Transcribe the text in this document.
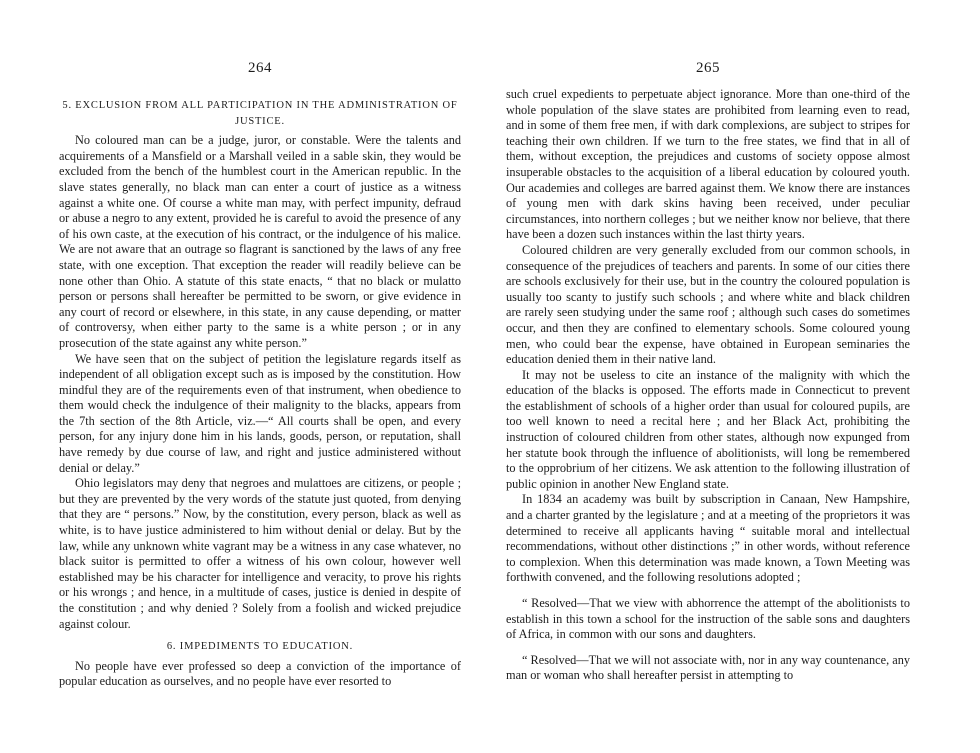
264

5. EXCLUSION FROM ALL PARTICIPATION IN THE ADMINISTRATION OF JUSTICE.

No coloured man can be a judge, juror, or constable. Were the talents and acquirements of a Mansfield or a Marshall veiled in a sable skin, they would be excluded from the bench of the humblest court in the American republic. In the slave states generally, no black man can enter a court of justice as a witness against a white one. Of course a white man may, with perfect impunity, defraud or abuse a negro to any extent, provided he is careful to avoid the presence of any of his own caste, at the execution of his contract, or the indulgence of his malice. We are not aware that an outrage so flagrant is sanctioned by the laws of any free state, with one exception. That exception the reader will readily believe can be none other than Ohio. A statute of this state enacts, “ that no black or mulatto person or persons shall hereafter be permitted to be sworn, or give evidence in any court of record or elsewhere, in this state, in any cause depending, or matter of controversy, when either party to the same is a white person ; or in any prosecution of the state against any white person.”

We have seen that on the subject of petition the legislature regards itself as independent of all obligation except such as is imposed by the constitution. How mindful they are of the requirements even of that instrument, when obedience to them would check the indulgence of their malignity to the blacks, appears from the 7th section of the 8th Article, viz.—“ All courts shall be open, and every person, for any injury done him in his lands, goods, person, or reputation, shall have remedy by due course of law, and right and justice administered without denial or delay.”

Ohio legislators may deny that negroes and mulattoes are citizens, or people ; but they are prevented by the very words of the statute just quoted, from denying that they are “ persons.” Now, by the constitution, every person, black as well as white, is to have justice administered to him without denial or delay. But by the law, while any unknown white vagrant may be a witness in any case whatever, no black suitor is permitted to offer a witness of his own colour, however well established may be his character for intelligence and veracity, to prove his rights or his wrongs ; and hence, in a multitude of cases, justice is denied in despite of the constitution ; and why denied ? Solely from a foolish and wicked prejudice against colour.

6. IMPEDIMENTS TO EDUCATION.

No people have ever professed so deep a conviction of the importance of popular education as ourselves, and no people have ever resorted to

265

such cruel expedients to perpetuate abject ignorance. More than one-third of the whole population of the slave states are prohibited from learning even to read, and in some of them free men, if with dark complexions, are subject to stripes for teaching their own children. If we turn to the free states, we find that in all of them, without exception, the prejudices and customs of society oppose almost insuperable obstacles to the acquisition of a liberal education by coloured youth. Our academies and colleges are barred against them. We know there are instances of young men with dark skins having been received, under peculiar circumstances, into northern colleges ; but we neither know nor believe, that there have been a dozen such instances within the last thirty years.

Coloured children are very generally excluded from our common schools, in consequence of the prejudices of teachers and parents. In some of our cities there are schools exclusively for their use, but in the country the coloured population is usually too scanty to justify such schools ; and where white and black children are rarely seen studying under the same roof ; although such cases do sometimes occur, and then they are confined to elementary schools. Some coloured young men, who could bear the expense, have obtained in European seminaries the education denied them in their native land.

It may not be useless to cite an instance of the malignity with which the education of the blacks is opposed. The efforts made in Connecticut to prevent the establishment of schools of a higher order than usual for coloured pupils, are too well known to need a recital here ; and her Black Act, prohibiting the instruction of coloured children from other states, although now expunged from her statute book through the influence of abolitionists, will long be remembered to the opprobrium of her citizens. We ask attention to the following illustration of public opinion in another New England state.

In 1834 an academy was built by subscription in Canaan, New Hampshire, and a charter granted by the legislature ; and at a meeting of the proprietors it was determined to receive all applicants having “ suitable moral and intellectual recommendations, without other distinctions ;” in other words, without reference to complexion. When this determination was made known, a Town Meeting was forthwith convened, and the following resolutions adopted ;

“ Resolved—That we view with abhorrence the attempt of the abolitionists to establish in this town a school for the instruction of the sable sons and daughters of Africa, in common with our sons and daughters.

“ Resolved—That we will not associate with, nor in any way countenance, any man or woman who shall hereafter persist in attempting to
